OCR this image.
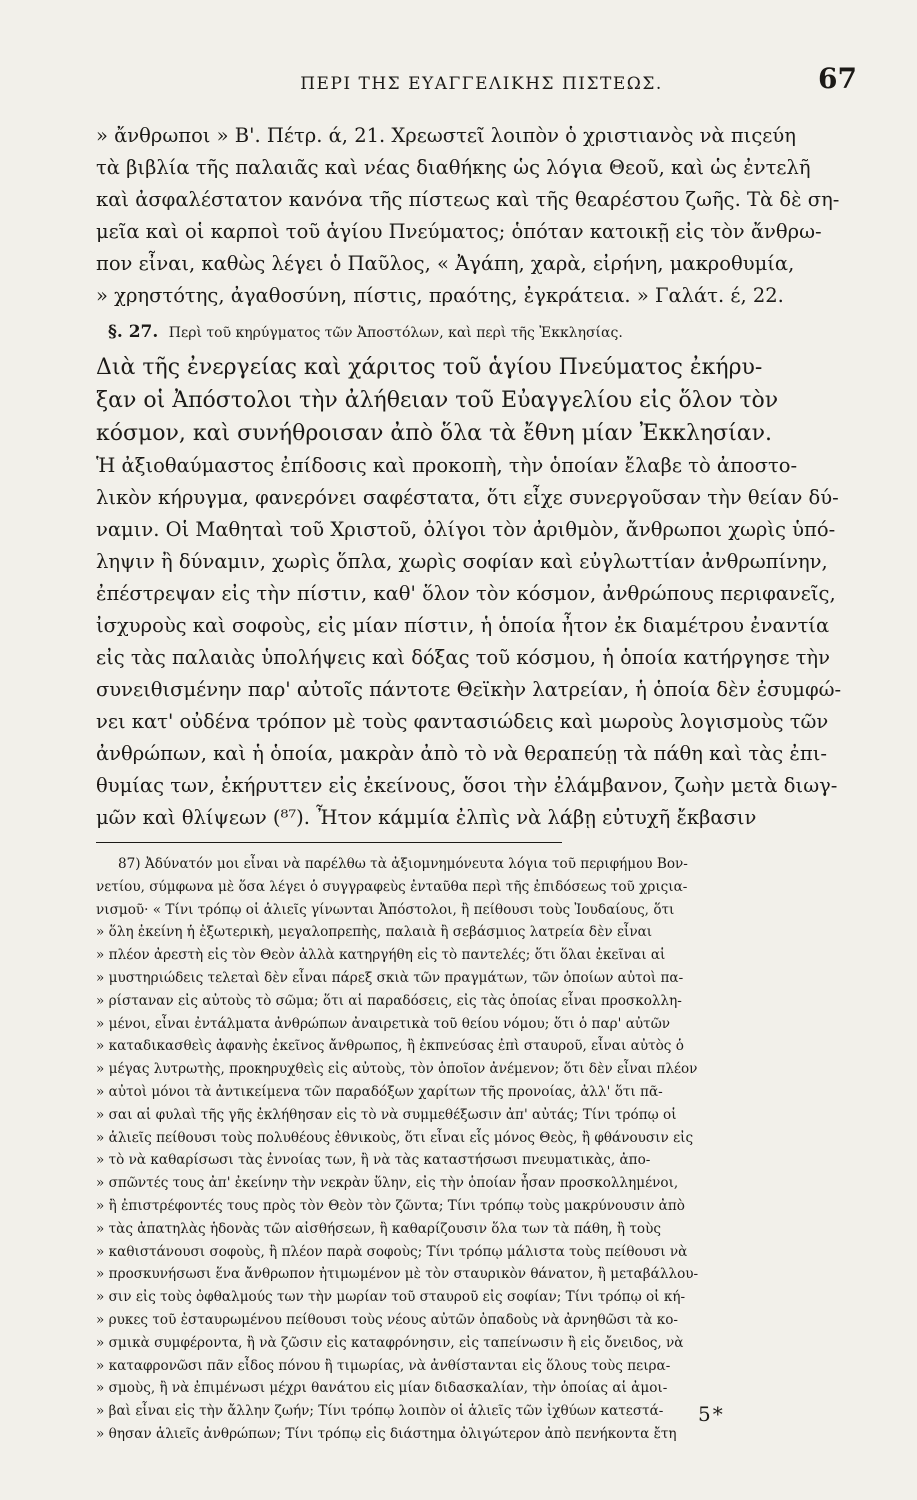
ΠΕΡΙ ΤΗΣ ΕΥΑΓΓΕΛΙΚΗΣ ΠΙΣΤΕΩΣ.	67
» ἄνθρωποι » Β'. Πέτρ. ά, 21. Χρεωστεῖ λοιπὸν ὁ χριστιανὸς νὰ πιςεύη
τὰ βιβλία τῆς παλαιᾶς καὶ νέας διαθήκης ὡς λόγια Θεοῦ, καὶ ὡς ἐντελῆ
καὶ ἀσφαλέστατον κανόνα τῆς πίστεως καὶ τῆς θεαρέστου ζωῆς. Τὰ δὲ ση-
μεῖα καὶ οἱ καρποὶ τοῦ ἁγίου Πνεύματος; ὁπόταν κατοικῇ εἰς τὸν ἄνθρω-
πον εἶναι, καθὼς λέγει ὁ Παῦλος, « Ἀγάπη, χαρὰ, εἰρήνη, μακροθυμία,
» χρηστότης, ἀγαθοσύνη, πίστις, πραότης, ἐγκράτεια. » Γαλάτ. έ, 22.
§. 27. Περὶ τοῦ κηρύγματος τῶν Ἀποστόλων, καὶ περὶ τῆς Ἐκκλησίας.
Διὰ τῆς ἐνεργείας καὶ χάριτος τοῦ ἁγίου Πνεύματος ἐκήρυ-
ξαν οἱ Ἀπόστολοι τὴν ἀλήθειαν τοῦ Εὐαγγελίου εἰς ὅλον τὸν
κόσμον, καὶ συνήθροισαν ἀπὸ ὅλα τὰ ἔθνη μίαν Ἐκκλησίαν.
Ἡ ἀξιοθαύμαστος ἐπίδοσις καὶ προκοπὴ, τὴν ὁποίαν ἔλαβε τὸ ἀποστο-
λικὸν κήρυγμα, φανερόνει σαφέστατα, ὅτι εἶχε συνεργοῦσαν τὴν θείαν δύ-
ναμιν. Οἱ Μαθηταὶ τοῦ Χριστοῦ, ὀλίγοι τὸν ἀριθμὸν, ἄνθρωποι χωρὶς ὑπό-
ληψιν ἢ δύναμιν, χωρὶς ὅπλα, χωρὶς σοφίαν καὶ εὐγλωττίαν ἀνθρωπίνην,
ἐπέστρεψαν εἰς τὴν πίστιν, καθ' ὅλον τὸν κόσμον, ἀνθρώπους περιφανεῖς,
ἰσχυροὺς καὶ σοφοὺς, εἰς μίαν πίστιν, ἡ ὁποία ἦτον ἐκ διαμέτρου ἐναντία
εἰς τὰς παλαιὰς ὑπολήψεις καὶ δόξας τοῦ κόσμου, ἡ ὁποία κατήργησε τὴν
συνειθισμένην παρ' αὐτοῖς πάντοτε Θεϊκὴν λατρείαν, ἡ ὁποία δὲν ἐσυμφώ-
νει κατ' οὐδένα τρόπον μὲ τοὺς φαντασιώδεις καὶ μωροὺς λογισμοὺς τῶν
ἀνθρώπων, καὶ ἡ ὁποία, μακρὰν ἀπὸ τὸ νὰ θεραπεύῃ τὰ πάθη καὶ τὰς ἐπι-
θυμίας των, ἐκήρυττεν εἰς ἐκείνους, ὅσοι τὴν ἐλάμβανον, ζωὴν μετὰ διωγ-
μῶν καὶ θλίψεων (⁸⁷). Ἦτον κάμμία ἐλπὶς νὰ λάβῃ εὐτυχῆ ἔκβασιν
87) Ἀδύνατόν μοι εἶναι νὰ παρέλθω τὰ ἀξιομνημόνευτα λόγια τοῦ περιφήμου Βον-
νετίου, σύμφωνα μὲ ὅσα λέγει ὁ συγγραφεὺς ἐνταῦθα περὶ τῆς ἐπιδόσεως τοῦ χριςια-
νισμοῦ· « Τίνι τρόπῳ οἱ ἁλιεῖς γίνωνται Ἀπόστολοι, ἢ πείθουσι τοὺς Ἰουδαίους, ὅτι
» ὅλη ἐκείνη ἡ ἐξωτερικὴ, μεγαλοπρεπὴς, παλαιὰ ἢ σεβάσμιος λατρεία δὲν εἶναι
» πλέον ἀρεστὴ εἰς τὸν Θεὸν ἀλλὰ κατηργήθη εἰς τὸ παντελές; ὅτι ὅλαι ἐκεῖναι αἱ
» μυστηριώδεις τελεταὶ δὲν εἶναι πάρεξ σκιὰ τῶν πραγμάτων, τῶν ὁποίων αὐτοὶ πα-
» ρίσταναν εἰς αὐτοὺς τὸ σῶμα; ὅτι αἱ παραδόσεις, εἰς τὰς ὁποίας εἶναι προσκολλη-
» μένοι, εἶναι ἐντάλματα ἀνθρώπων ἀναιρετικὰ τοῦ θείου νόμου; ὅτι ὁ παρ' αὐτῶν
» καταδικασθεὶς ἀφανὴς ἐκεῖνος ἄνθρωπος, ἢ ἐκπνεύσας ἐπὶ σταυροῦ, εἶναι αὐτὸς ὁ
» μέγας λυτρωτὴς, προκηρυχθεὶς εἰς αὐτοὺς, τὸν ὁποῖον ἀνέμενον; ὅτι δὲν εἶναι πλέον
» αὐτοὶ μόνοι τὰ ἀντικείμενα τῶν παραδόξων χαρίτων τῆς προνοίας, ἀλλ' ὅτι πᾶ-
» σαι αἱ φυλαὶ τῆς γῆς ἐκλήθησαν εἰς τὸ νὰ συμμεθέξωσιν ἀπ' αὐτάς; Τίνι τρόπῳ οἱ
» ἁλιεῖς πείθουσι τοὺς πολυθέους ἐθνικοὺς, ὅτι εἶναι εἷς μόνος Θεὸς, ἢ φθάνουσιν εἰς
» τὸ νὰ καθαρίσωσι τὰς ἐννοίας των, ἢ νὰ τὰς καταστήσωσι πνευματικὰς, ἀπο-
» σπῶντές τους ἀπ' ἐκείνην τὴν νεκρὰν ὕλην, εἰς τὴν ὁποίαν ἦσαν προσκολλημένοι,
» ἢ ἐπιστρέφοντές τους πρὸς τὸν Θεὸν τὸν ζῶντα; Τίνι τρόπῳ τοὺς μακρύνουσιν ἀπὸ
» τὰς ἀπατηλὰς ἡδονὰς τῶν αἰσθήσεων, ἢ καθαρίζουσιν ὅλα των τὰ πάθη, ἢ τοὺς
» καθιστάνουσι σοφοὺς, ἢ πλέον παρὰ σοφοὺς; Τίνι τρόπῳ μάλιστα τοὺς πείθουσι νὰ
» προσκυνήσωσι ἕνα ἄνθρωπον ἠτιμωμένον μὲ τὸν σταυρικὸν θάνατον, ἢ μεταβάλλου-
» σιν εἰς τοὺς ὀφθαλμούς των τὴν μωρίαν τοῦ σταυροῦ εἰς σοφίαν; Τίνι τρόπῳ οἱ κή-
» ρυκες τοῦ ἐσταυρωμένου πείθουσι τοὺς νέους αὐτῶν ὀπαδοὺς νὰ ἀρνηθῶσι τὰ κο-
» σμικὰ συμφέροντα, ἢ νὰ ζῶσιν εἰς καταφρόνησιν, εἰς ταπείνωσιν ἢ εἰς ὄνειδος, νὰ
» καταφρονῶσι πᾶν εἶδος πόνου ἢ τιμωρίας, νὰ ἀνθίστανται εἰς ὅλους τοὺς πειρα-
» σμοὺς, ἢ νὰ ἐπιμένωσι μέχρι θανάτου εἰς μίαν διδασκαλίαν, τὴν ὁποίας αἱ ἀμοι-
» βαὶ εἶναι εἰς τὴν ἄλλην ζωήν; Τίνι τρόπῳ λοιπὸν οἱ ἁλιεῖς τῶν ἰχθύων κατεστά-
» θησαν ἁλιεῖς ἀνθρώπων; Τίνι τρόπῳ εἰς διάστημα ὀλιγώτερον ἀπὸ πενήκοντα ἔτη
5*
